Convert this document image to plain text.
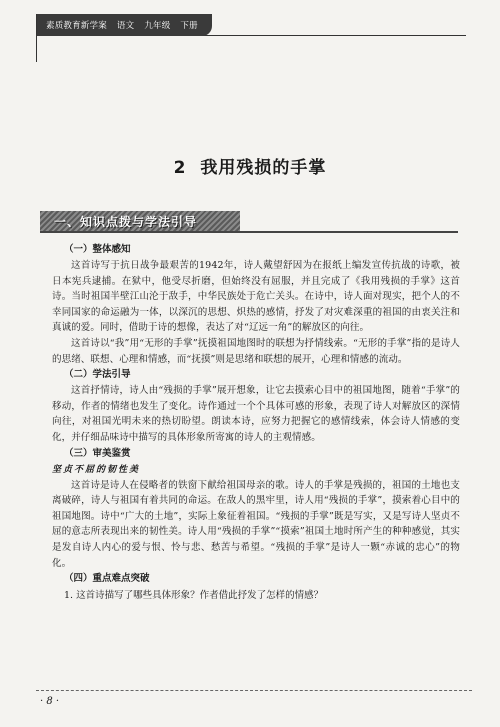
素质教育新学案 语文 九年级 下册
2 我用残损的手掌
一、知识点拨与学法引导
（一）整体感知

这首诗写于抗日战争最艰苦的1942年，诗人戴望舒因为在报纸上编发宣传抗战的诗歌，被日本宪兵逮捕。在狱中，他受尽折磨，但始终没有屈服，并且完成了《我用残损的手掌》这首诗。当时祖国半壁江山沦于敌手，中华民族处于危亡关头。在诗中，诗人面对现实，把个人的不幸同国家的命运融为一体，以深沉的思想、炽热的感情，抒发了对灾难深重的祖国的由衷关注和真诚的爱。同时，借助于诗的想像，表达了对“辽远一角”的解放区的向往。

这首诗以“我”用“无形的手掌”抚摸祖国地图时的联想为抒情线索。“无形的手掌”指的是诗人的思绪、联想、心理和情感，而“抚摸”则是思绪和联想的展开，心理和情感的流动。

（二）学法引导

这首抒情诗，诗人由“残损的手掌”展开想象，让它去摸索心目中的祖国地图，随着“手掌”的移动，作者的情绪也发生了变化。诗作通过一个个具体可感的形象，表现了诗人对解放区的深情向往，对祖国光明未来的热切盼望。朗读本诗，应努力把握它的感情线索，体会诗人情感的变化，并仔细品味诗中描写的具体形象所寄寓的诗人的主观情感。

（三）审美鉴赏
坚贞不屈的韧性美

这首诗是诗人在侵略者的铁窗下献给祖国母亲的歌。诗人的手掌是残损的，祖国的土地也支离破碎，诗人与祖国有着共同的命运。在敌人的黑牢里，诗人用“残损的手掌”，摸索着心目中的祖国地图。诗中“广大的土地”，实际上象征着祖国。“残损的手掌”既是写实，又是写诗人坚贞不屈的意志所表现出来的韧性美。诗人用“残损的手掌”“摸索”祖国土地时所产生的种种感觉，其实是发自诗人内心的爱与恨、怜与悲、愁苦与希望。“残损的手掌”是诗人一颗“赤诚的忠心”的物化。

（四）重点难点突破
1. 这首诗描写了哪些具体形象？作者借此抒发了怎样的情感？
· 8 ·
